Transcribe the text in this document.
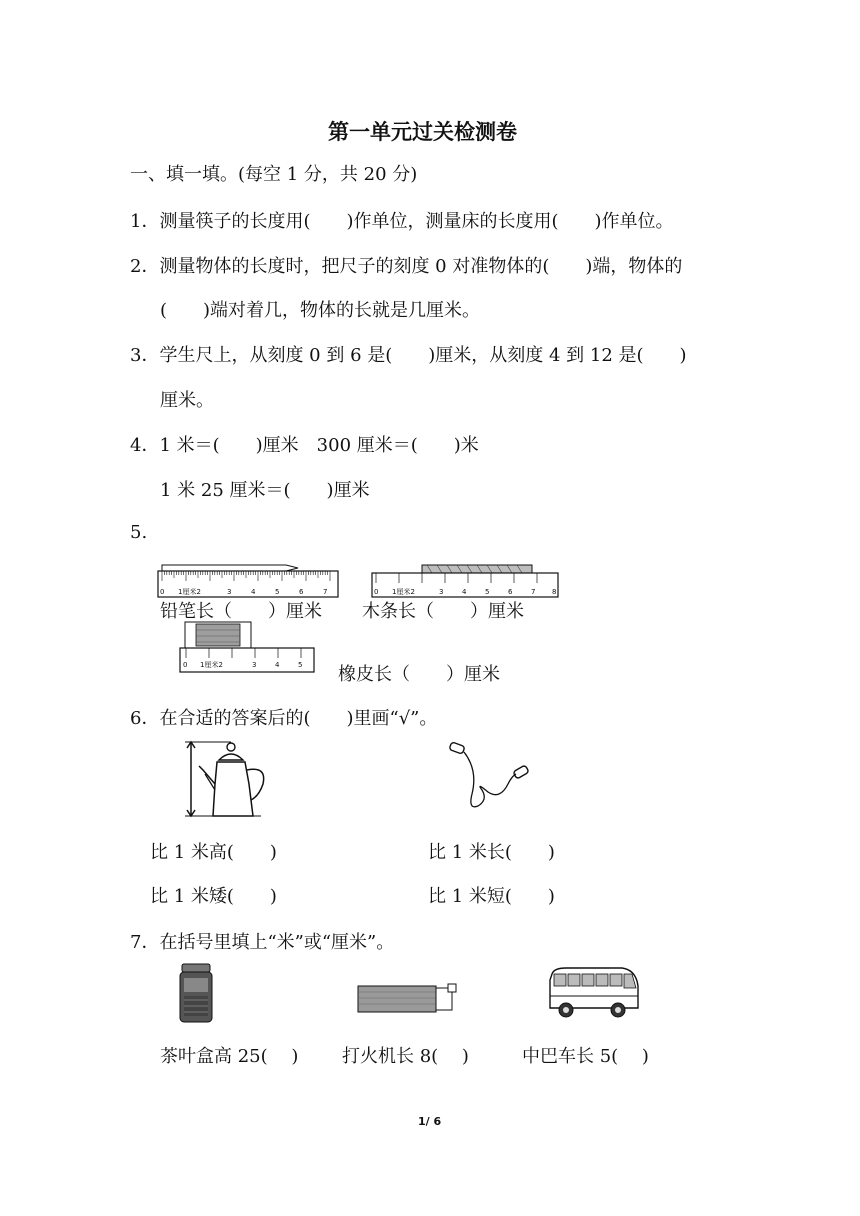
第一单元过关检测卷
一、填一填。(每空 1 分，共 20 分)
1．测量筷子的长度用(　　)作单位，测量床的长度用(　　)作单位。
2．测量物体的长度时，把尺子的刻度 0 对准物体的(　　)端，物体的
(　　)端对着几，物体的长就是几厘米。
3．学生尺上，从刻度 0 到 6 是(　　)厘米，从刻度 4 到 12 是(　　)
厘米。
4．1 米＝(　　)厘米　300 厘米＝(　　)米
1 米 25 厘米＝(　　)厘米
5.
0 1厘米2	3	4	5	6	7
铅笔长（　　）厘米
0 1厘米2	3	4	5	6	7 8
木条长（　　）厘米
0 1厘米2	3	4	5 橡皮长（　　）厘米
6．在合适的答案后的(　　)里画“√”。
比 1 米高(　　)
比 1 米矮(　　)
比 1 米长(　　)
比 1 米短(　　)
7．在括号里填上“米”或“厘米”。
茶叶盒高 25(　 ) 打火机长 8(　 )	中巴车长 5(　 )
1/ 6
